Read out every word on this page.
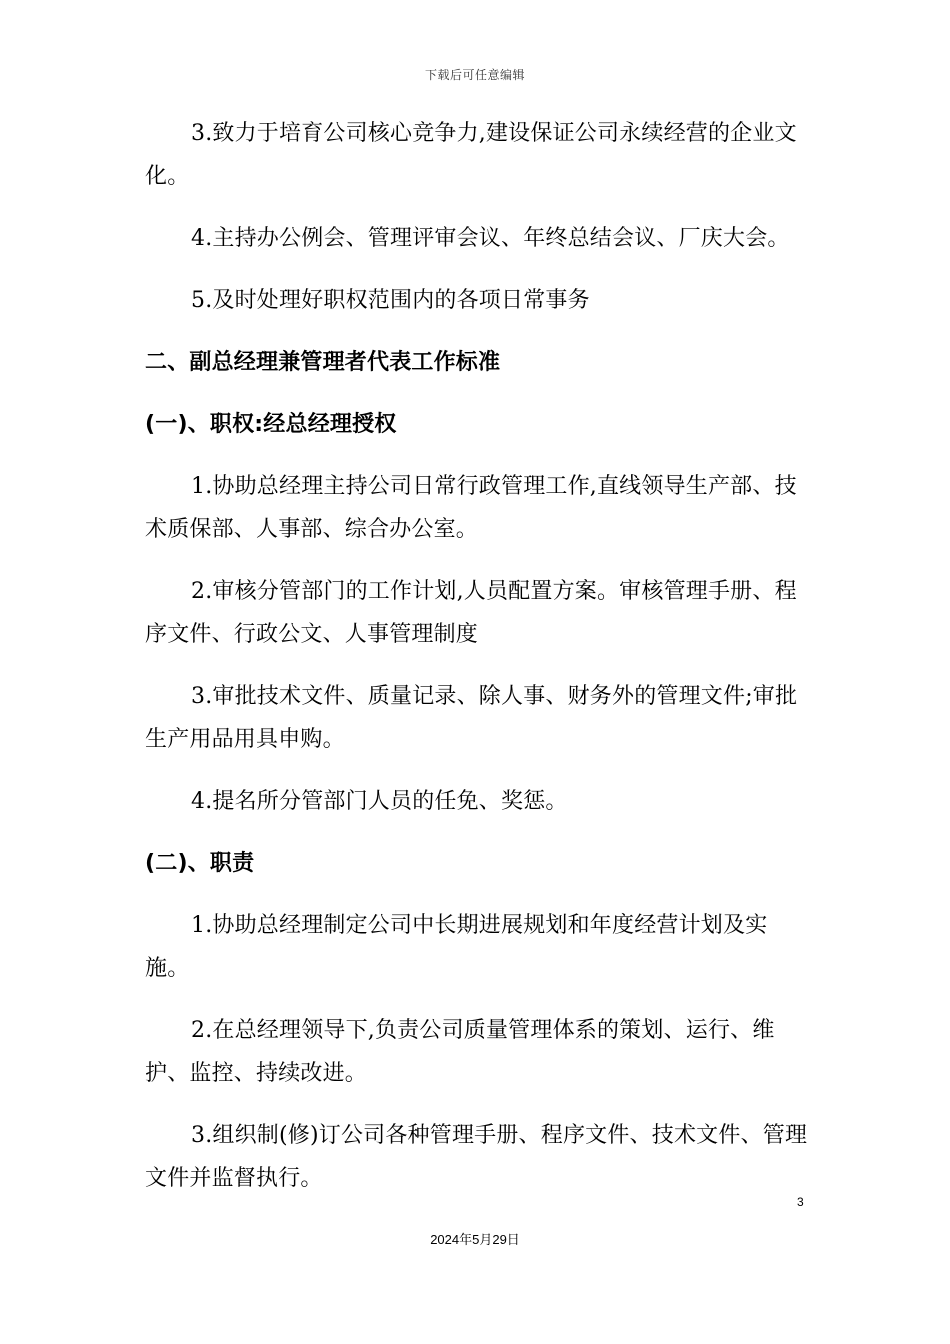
下载后可任意编辑

3.致力于培育公司核心竞争力,建设保证公司永续经营的企业文化。

4.主持办公例会、管理评审会议、年终总结会议、厂庆大会。

5.及时处理好职权范围内的各项日常事务

二、副总经理兼管理者代表工作标准

(一)、职权:经总经理授权

1.协助总经理主持公司日常行政管理工作,直线领导生产部、技术质保部、人事部、综合办公室。

2.审核分管部门的工作计划,人员配置方案。审核管理手册、程序文件、行政公文、人事管理制度

3.审批技术文件、质量记录、除人事、财务外的管理文件;审批生产用品用具申购。

4.提名所分管部门人员的任免、奖惩。

(二)、职责

1.协助总经理制定公司中长期进展规划和年度经营计划及实施。

2.在总经理领导下,负责公司质量管理体系的策划、运行、维护、监控、持续改进。

3.组织制(修)订公司各种管理手册、程序文件、技术文件、管理文件并监督执行。

3
2024年5月29日
